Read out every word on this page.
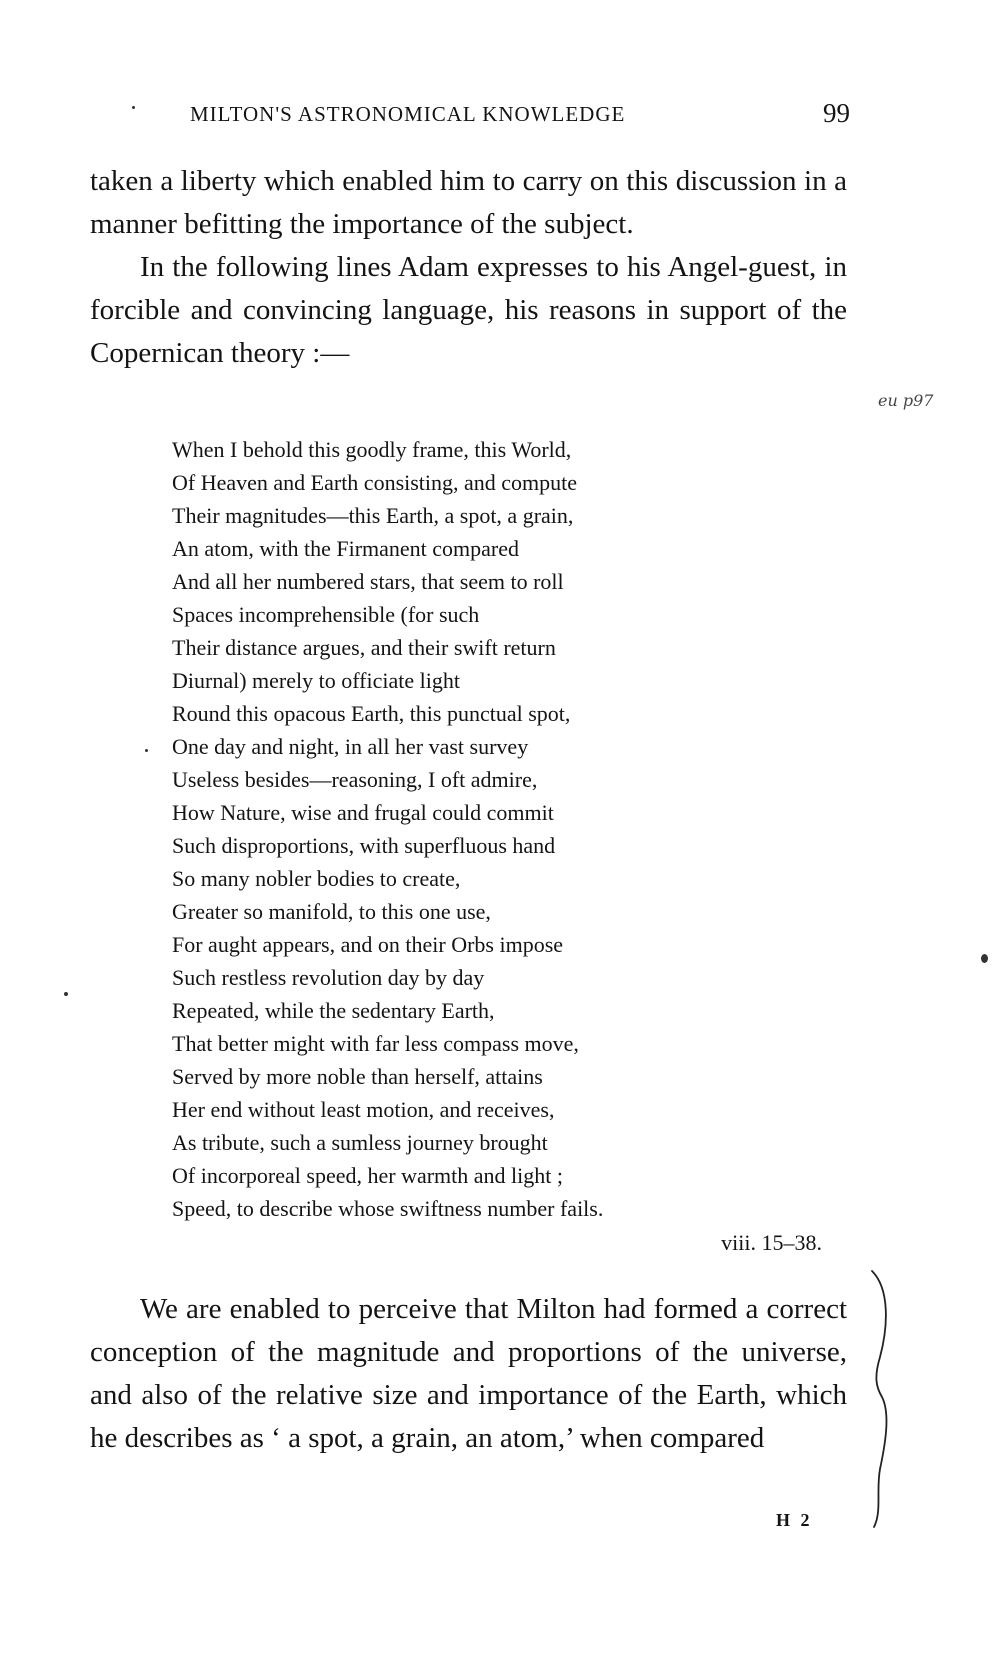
MILTON'S ASTRONOMICAL KNOWLEDGE	99

taken a liberty which enabled him to carry on this discussion in a manner befitting the importance of the subject.

In the following lines Adam expresses to his Angel-guest, in forcible and convincing language, his reasons in support of the Copernican theory :—

eu p97
When I behold this goodly frame, this World,
Of Heaven and Earth consisting, and compute
Their magnitudes—this Earth, a spot, a grain,
An atom, with the Firmanent compared
And all her numbered stars, that seem to roll
Spaces incomprehensible (for such
Their distance argues, and their swift return
Diurnal) merely to officiate light
Round this opacous Earth, this punctual spot,
One day and night, in all her vast survey
Useless besides—reasoning, I oft admire,
How Nature, wise and frugal could commit
Such disproportions, with superfluous hand
So many nobler bodies to create,
Greater so manifold, to this one use,
For aught appears, and on their Orbs impose
Such restless revolution day by day
Repeated, while the sedentary Earth,
That better might with far less compass move,
Served by more noble than herself, attains
Her end without least motion, and receives,
As tribute, such a sumless journey brought
Of incorporeal speed, her warmth and light ;
Speed, to describe whose swiftness number fails.
viii. 15–38.

We are enabled to perceive that Milton had formed a correct conception of the magnitude and proportions of the universe, and also of the relative size and importance of the Earth, which he describes as ‘ a spot, a grain, an atom,’ when compared

H 2
